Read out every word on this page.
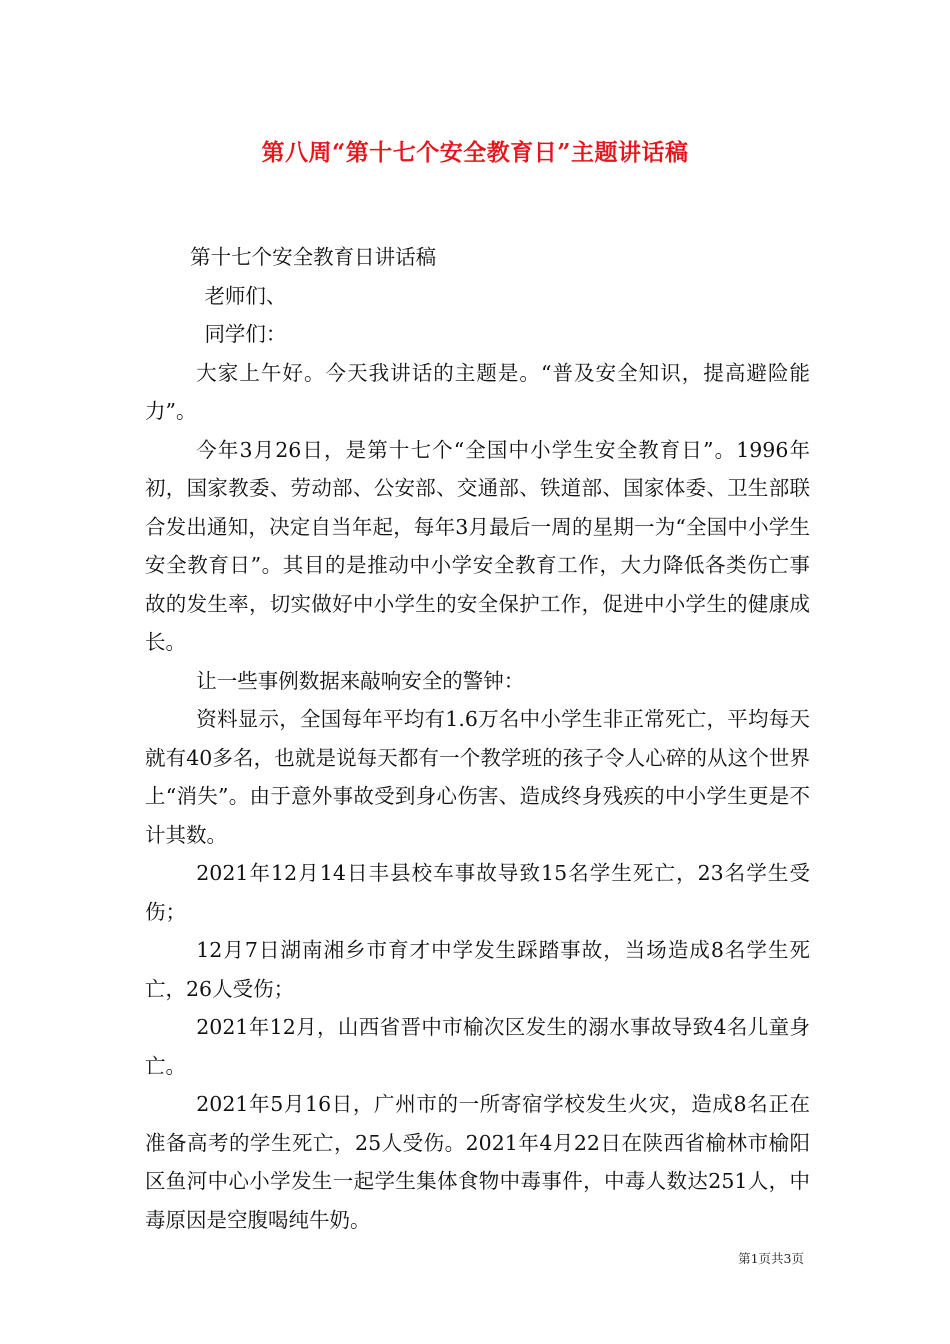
第八周“第十七个安全教育日”主题讲话稿

第十七个安全教育日讲话稿

老师们、

同学们：

大家上午好。今天我讲话的主题是。“普及安全知识，提高避险能力”。

今年3月26日，是第十七个“全国中小学生安全教育日”。1996年初，国家教委、劳动部、公安部、交通部、铁道部、国家体委、卫生部联合发出通知，决定自当年起，每年3月最后一周的星期一为“全国中小学生安全教育日”。其目的是推动中小学安全教育工作，大力降低各类伤亡事故的发生率，切实做好中小学生的安全保护工作，促进中小学生的健康成长。

让一些事例数据来敲响安全的警钟：

资料显示，全国每年平均有1.6万名中小学生非正常死亡，平均每天就有40多名，也就是说每天都有一个教学班的孩子令人心碎的从这个世界上“消失”。由于意外事故受到身心伤害、造成终身残疾的中小学生更是不计其数。

2021年12月14日丰县校车事故导致15名学生死亡，23名学生受伤；

12月7日湖南湘乡市育才中学发生踩踏事故，当场造成8名学生死亡，26人受伤；

2021年12月，山西省晋中市榆次区发生的溺水事故导致4名儿童身亡。

2021年5月16日，广州市的一所寄宿学校发生火灾，造成8名正在准备高考的学生死亡，25人受伤。2021年4月22日在陕西省榆林市榆阳区鱼河中心小学发生一起学生集体食物中毒事件，中毒人数达251人，中毒原因是空腹喝纯牛奶。

第1页共3页
